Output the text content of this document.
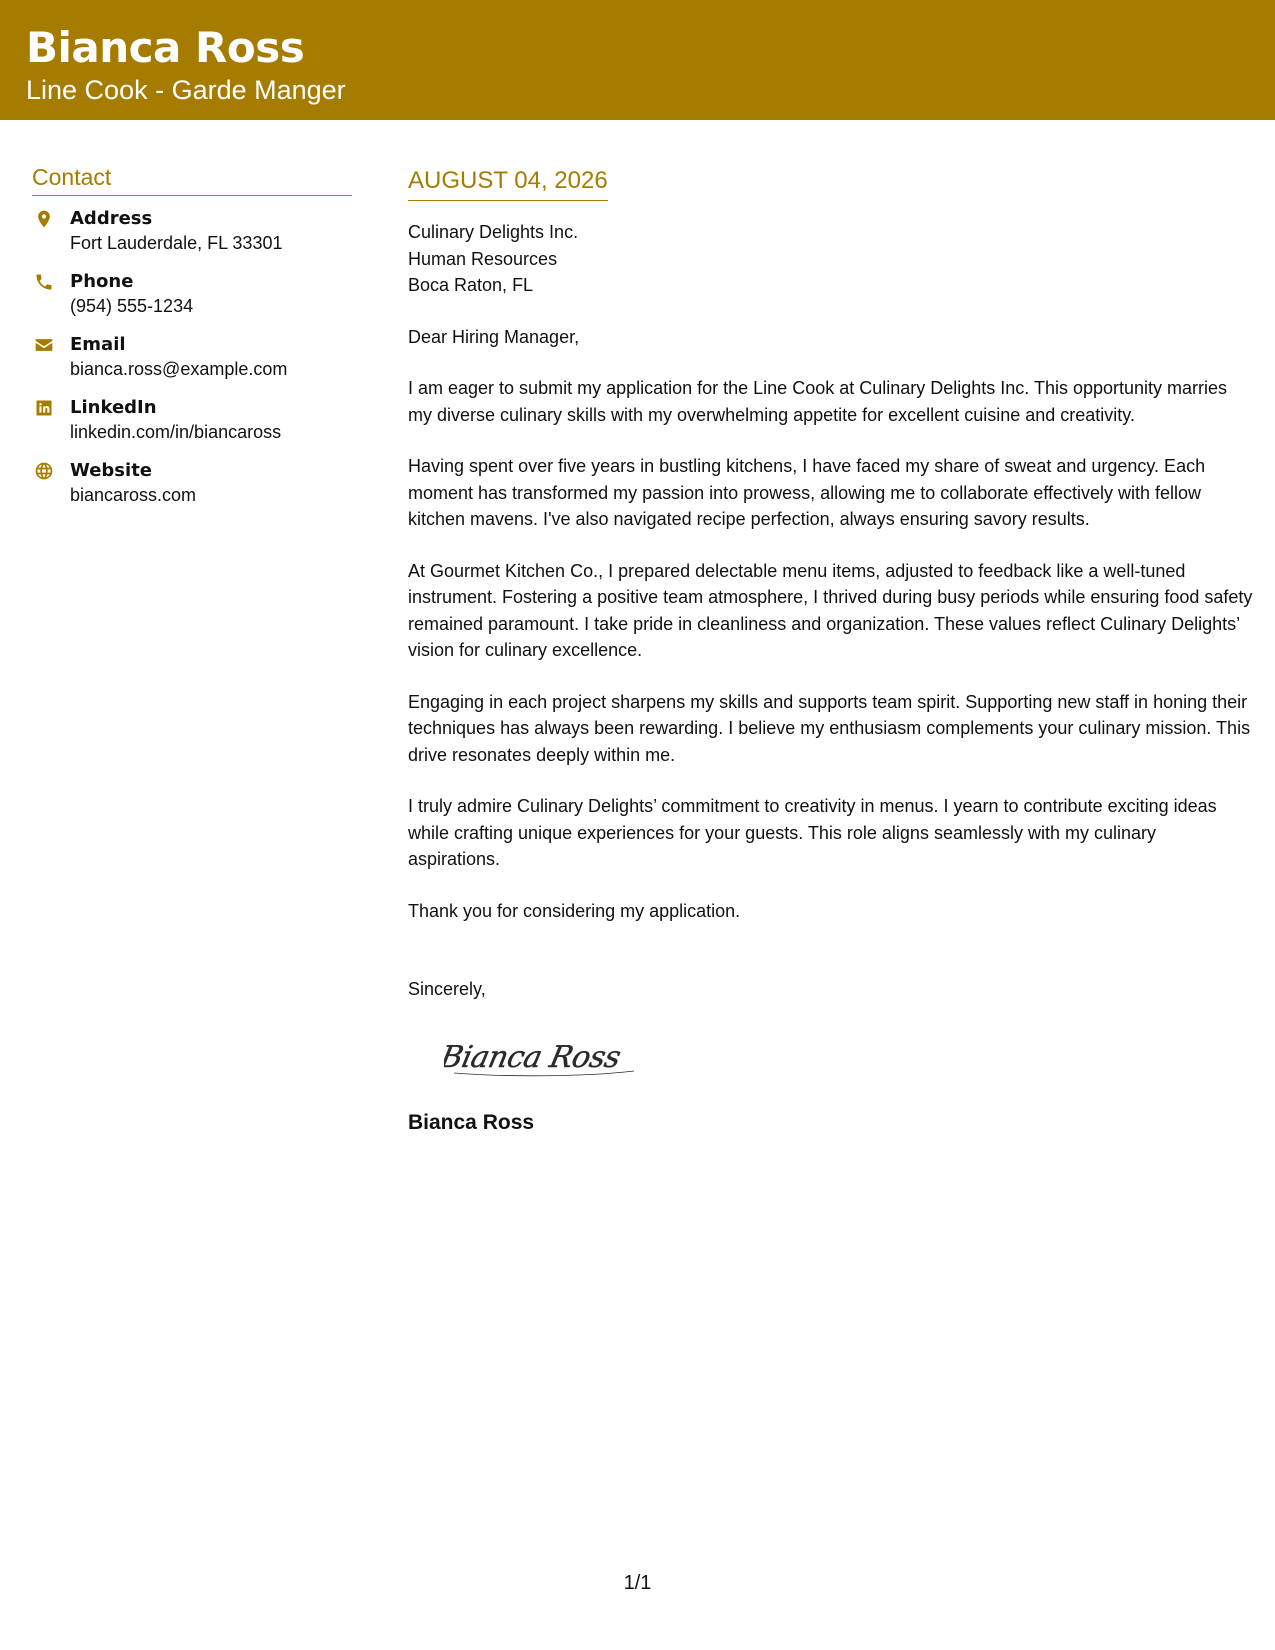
Bianca Ross
Line Cook - Garde Manger
Contact
Address
Fort Lauderdale, FL 33301
Phone
(954) 555-1234
Email
bianca.ross@example.com
LinkedIn
linkedin.com/in/biancaross
Website
biancaross.com
AUGUST 04, 2026
Culinary Delights Inc.
Human Resources
Boca Raton, FL
Dear Hiring Manager,

I am eager to submit my application for the Line Cook at Culinary Delights Inc. This opportunity marries my diverse culinary skills with my overwhelming appetite for excellent cuisine and creativity.

Having spent over five years in bustling kitchens, I have faced my share of sweat and urgency. Each moment has transformed my passion into prowess, allowing me to collaborate effectively with fellow kitchen mavens. I've also navigated recipe perfection, always ensuring savory results.

At Gourmet Kitchen Co., I prepared delectable menu items, adjusted to feedback like a well-tuned instrument. Fostering a positive team atmosphere, I thrived during busy periods while ensuring food safety remained paramount. I take pride in cleanliness and organization. These values reflect Culinary Delights’ vision for culinary excellence.

Engaging in each project sharpens my skills and supports team spirit. Supporting new staff in honing their techniques has always been rewarding. I believe my enthusiasm complements your culinary mission. This drive resonates deeply within me.

I truly admire Culinary Delights’ commitment to creativity in menus. I yearn to contribute exciting ideas while crafting unique experiences for your guests. This role aligns seamlessly with my culinary aspirations.

Thank you for considering my application.

Sincerely,
Bianca Ross
Bianca Ross
1/1
